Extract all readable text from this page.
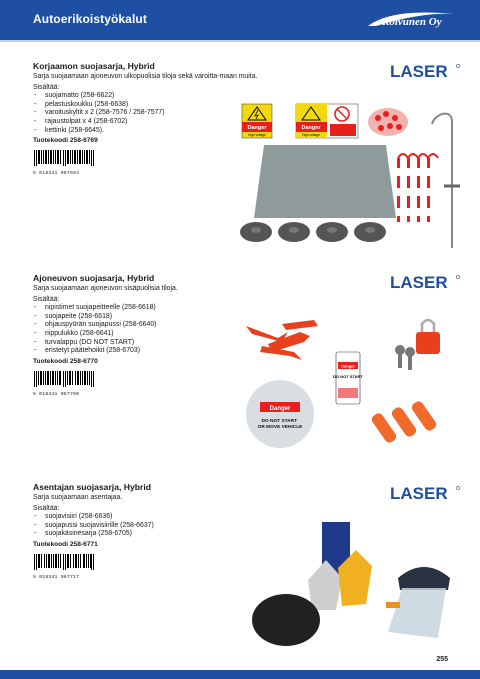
Autoerikoistyökalut	Koivunen Oy
Korjaamon suojasarja, Hybrid

Sarja suojaamaan ajoneuvon ulkopuolisia tiloja sekä varoitta-maan muita.

Sisältää:

- suojamatto (258-6622)
- pelastuskoukku (258-6638)
- varoituskyltit x 2 (258-7576 / 258-7577)
- rajaustolpat x 4 (258-6702)
- kettinki (258-6645).
Tuotekoodi 258-6769
5 018341 067694
Ajoneuvon suojasarja, Hybrid

Sarja suojaamaan ajoneuvon sisäpuolisia tiloja.

Sisältää:

- nipistimet suojapeitteelle (258-6618)
- suojapeite (258-6618)
- ohjauspyörän suojapussi (258-6640)
- riippulukko (258-6641)
- turvalappu (DO NOT START)
- eristetyt päätehoikit (258-6703)
Tuotekoodi 258-6770
5 018341 067700
Asentajan suojasarja, Hybrid

Sarja suojaamaan asentajaa.

Sisältää:

- suojavisiiri (258-6636)
- suojapussi suojavisiirille (258-6637)
- suojakäsinesarja (258-6705)
Tuotekoodi 258-6771
5 018341 067717
LASER
LASER
LASER
Danger
High voltage
Danger
High voltage
Danger
DO NOT START OR MOVE VEHICLE
Danger
DO NOT START
255
